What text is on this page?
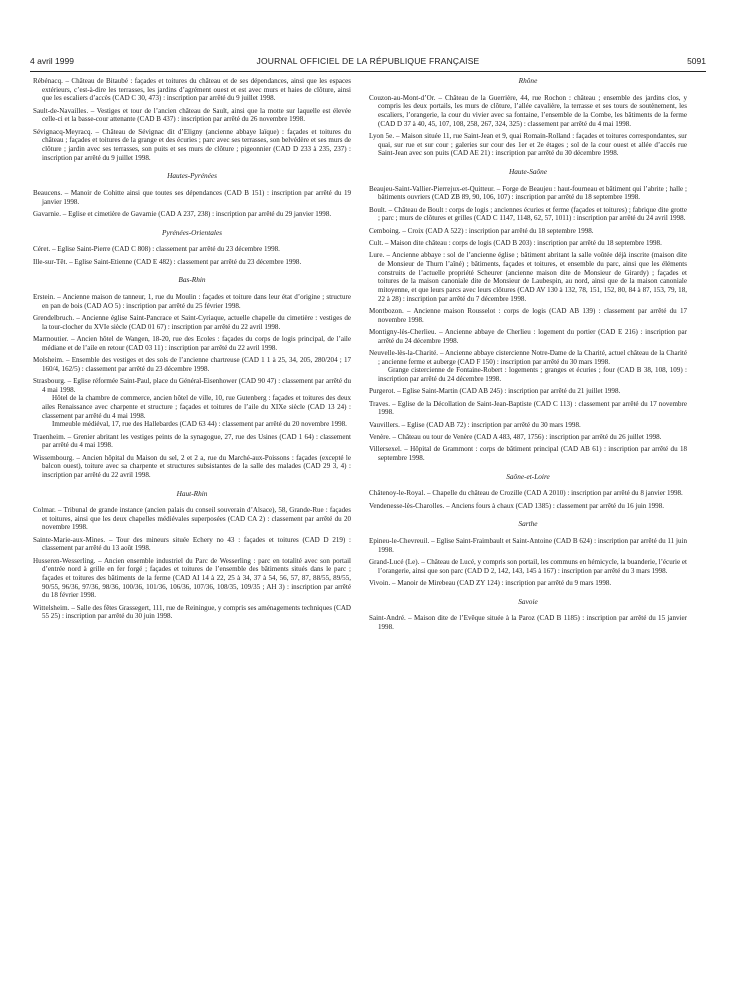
4 avril 1999	JOURNAL OFFICIEL DE LA RÉPUBLIQUE FRANÇAISE	5091

Rébénacq. – Château de Bitaubé : façades et toitures du château et de ses dépendances, ainsi que les espaces extérieurs, c’est-à-dire les terrasses, les jardins d’agrément ouest et est avec murs et haies de clôture, ainsi que les escaliers d’accès (CAD C 30, 473) : inscription par arrêté du 9 juillet 1998.

Sault-de-Navailles. – Vestiges et tour de l’ancien château de Sault, ainsi que la motte sur laquelle est élevée celle-ci et la basse-cour attenante (CAD B 437) : inscription par arrêté du 26 novembre 1998.

Sévignacq-Meyracq. – Château de Sévignac dit d’Eligny (ancienne abbaye laïque) : façades et toitures du château ; façades et toitures de la grange et des écuries ; parc avec ses terrasses, son belvédère et ses murs de clôture ; jardin avec ses terrasses, son puits et ses murs de clôture ; pigeonnier (CAD D 233 à 235, 237) : inscription par arrêté du 9 juillet 1998.

Hautes-Pyrénées

Beaucens. – Manoir de Cohitte ainsi que toutes ses dépendances (CAD B 151) : inscription par arrêté du 19 janvier 1998.

Gavarnie. – Eglise et cimetière de Gavarnie (CAD A 237, 238) : inscription par arrêté du 29 janvier 1998.

Pyrénées-Orientales

Céret. – Eglise Saint-Pierre (CAD C 808) : classement par arrêté du 23 décembre 1998.

Ille-sur-Têt. – Eglise Saint-Etienne (CAD E 482) : classement par arrêté du 23 décembre 1998.

Bas-Rhin

Erstein. – Ancienne maison de tanneur, 1, rue du Moulin : façades et toiture dans leur état d’origine ; structure en pan de bois (CAD AO 5) : inscription par arrêté du 25 février 1998.

Grendelbruch. – Ancienne église Saint-Pancrace et Saint-Cyriaque, actuelle chapelle du cimetière : vestiges de la tour-clocher du XVIe siècle (CAD 01 67) : inscription par arrêté du 22 avril 1998.

Marmoutier. – Ancien hôtel de Wangen, 18-20, rue des Ecoles : façades du corps de logis principal, de l’aile médiane et de l’aile en retour (CAD 03 11) : inscription par arrêté du 22 avril 1998.

Molsheim. – Ensemble des vestiges et des sols de l’ancienne chartreuse (CAD 1 1 à 25, 34, 205, 280/204 ; 17 160/4, 162/5) : classement par arrêté du 23 décembre 1998.

Strasbourg. – Eglise réformée Saint-Paul, place du Général-Eisenhower (CAD 90 47) : classement par arrêté du 4 mai 1998.
Hôtel de la chambre de commerce, ancien hôtel de ville, 10, rue Gutenberg : façades et toitures des deux ailes Renaissance avec charpente et structure ; façades et toitures de l’aile du XIXe siècle (CAD 13 24) : classement par arrêté du 4 mai 1998.
Immeuble médiéval, 17, rue des Hallebardes (CAD 63 44) : classement par arrêté du 20 novembre 1998.

Traenheim. – Grenier abritant les vestiges peints de la synagogue, 27, rue des Usines (CAD 1 64) : classement par arrêté du 4 mai 1998.

Wissembourg. – Ancien hôpital du Maison du sel, 2 et 2 a, rue du Marché-aux-Poissons : façades (excepté le balcon ouest), toiture avec sa charpente et structures subsistantes de la salle des malades (CAD 29 3, 4) : inscription par arrêté du 22 avril 1998.

Haut-Rhin

Colmar. – Tribunal de grande instance (ancien palais du conseil souverain d’Alsace), 58, Grande-Rue : façades et toitures, ainsi que les deux chapelles médiévales superposées (CAD CA 2) : classement par arrêté du 20 novembre 1998.

Sainte-Marie-aux-Mines. – Tour des mineurs située Echery no 43 : façades et toitures (CAD D 219) : classement par arrêté du 13 août 1998.

Husseren-Wesserling. – Ancien ensemble industriel du Parc de Wesserling : parc en totalité avec son portail d’entrée nord à grille en fer forgé ; façades et toitures de l’ensemble des bâtiments situés dans le parc ; façades et toitures des bâtiments de la ferme (CAD AI 14 à 22, 25 à 34, 37 à 54, 56, 57, 87, 88/55, 89/55, 90/55, 96/36, 97/36, 98/36, 100/36, 101/36, 106/36, 107/36, 108/35, 109/35 ; AH 3) : inscription par arrêté du 18 février 1998.

Wittelsheim. – Salle des fêtes Grassegert, 111, rue de Reiningue, y compris ses aménagements techniques (CAD 55 25) : inscription par arrêté du 30 juin 1998.

Rhône

Couzon-au-Mont-d’Or. – Château de la Guerrière, 44, rue Rochon : château ; ensemble des jardins clos, y compris les deux portails, les murs de clôture, l’allée cavalière, la terrasse et ses tours de soutènement, les escaliers, l’orangerie, la cour du vivier avec sa fontaine, l’ensemble de la Combe, les bâtiments de la ferme (CAD D 37 à 40, 45, 107, 108, 258, 267, 324, 325) : classement par arrêté du 4 mai 1998.

Lyon 5e. – Maison située 11, rue Saint-Jean et 9, quai Romain-Rolland : façades et toitures correspondantes, sur quai, sur rue et sur cour ; galeries sur cour des 1er et 2e étages ; sol de la cour ouest et allée d’accès rue Saint-Jean avec son puits (CAD AE 21) : inscription par arrêté du 30 décembre 1998.

Haute-Saône

Beaujeu-Saint-Vallier-Pierrejux-et-Quitteur. – Forge de Beaujeu : haut-fourneau et bâtiment qui l’abrite ; halle ; bâtiments ouvriers (CAD ZB 89, 90, 106, 107) : inscription par arrêté du 18 septembre 1998.

Boult. – Château de Boult : corps de logis ; anciennes écuries et ferme (façades et toitures) ; fabrique dite grotte ; parc ; murs de clôtures et grilles (CAD C 1147, 1148, 62, 57, 1011) : inscription par arrêté du 24 avril 1998.

Cemboing. – Croix (CAD A 522) : inscription par arrêté du 18 septembre 1998.

Cult. – Maison dite château : corps de logis (CAD B 203) : inscription par arrêté du 18 septembre 1998.

Lure. – Ancienne abbaye : sol de l’ancienne église ; bâtiment abritant la salle voûtée déjà inscrite (maison dite de Monsieur de Thurn l’aîné) ; bâtiments, façades et toitures, et ensemble du parc, ainsi que les éléments construits de l’actuelle propriété Scheurer (ancienne maison dite de Monsieur de Girardy) ; façades et toitures de la maison canoniale dite de Monsieur de Laubespin, au nord, ainsi que de la maison canoniale mitoyenne, et que leurs parcs avec leurs clôtures (CAD AV 130 à 132, 78, 151, 152, 80, 84 à 87, 153, 79, 18, 22 à 28) : inscription par arrêté du 7 décembre 1998.

Montbozon. – Ancienne maison Rousselot : corps de logis (CAD AB 139) : classement par arrêté du 17 novembre 1998.

Montigny-lès-Cherlieu. – Ancienne abbaye de Cherlieu : logement du portier (CAD E 216) : inscription par arrêté du 24 décembre 1998.

Neuvelle-lès-la-Charité. – Ancienne abbaye cistercienne Notre-Dame de la Charité, actuel château de la Charité ; ancienne ferme et auberge (CAD F 150) : inscription par arrêté du 30 mars 1998.
Grange cistercienne de Fontaine-Robert : logements ; granges et écuries ; four (CAD B 38, 108, 109) : inscription par arrêté du 24 décembre 1998.

Purgerot. – Eglise Saint-Martin (CAD AB 245) : inscription par arrêté du 21 juillet 1998.

Traves. – Eglise de la Décollation de Saint-Jean-Baptiste (CAD C 113) : classement par arrêté du 17 novembre 1998.

Vauvillers. – Eglise (CAD AB 72) : inscription par arrêté du 30 mars 1998.

Venère. – Château ou tour de Venère (CAD A 483, 487, 1756) : inscription par arrêté du 26 juillet 1998.

Villersexel. – Hôpital de Grammont : corps de bâtiment principal (CAD AB 61) : inscription par arrêté du 18 septembre 1998.

Saône-et-Loire

Châtenoy-le-Royal. – Chapelle du château de Crozille (CAD A 2010) : inscription par arrêté du 8 janvier 1998.

Vendenesse-lès-Charolles. – Anciens fours à chaux (CAD 1385) : classement par arrêté du 16 juin 1998.

Sarthe

Epineu-le-Chevreuil. – Eglise Saint-Fraimbault et Saint-Antoine (CAD B 624) : inscription par arrêté du 11 juin 1998.

Grand-Lucé (Le). – Château de Lucé, y compris son portail, les communs en hémicycle, la buanderie, l’écurie et l’orangerie, ainsi que son parc (CAD D 2, 142, 143, 145 à 167) : inscription par arrêté du 3 mars 1998.

Vivoin. – Manoir de Mirebeau (CAD ZY 124) : inscription par arrêté du 9 mars 1998.

Savoie

Saint-André. – Maison dite de l’Evêque située à la Paroz (CAD B 1185) : inscription par arrêté du 15 janvier 1998.
